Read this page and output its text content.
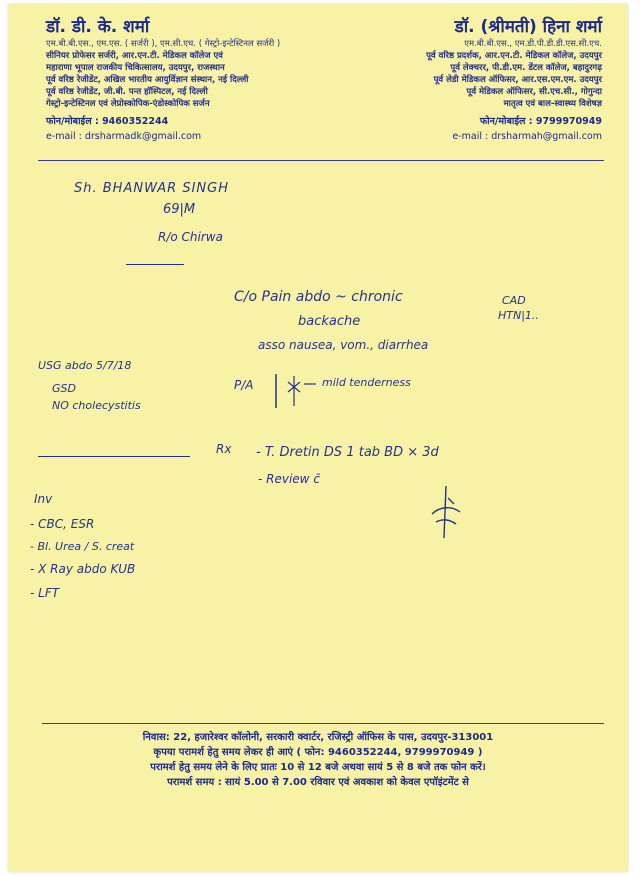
डॉ. डी. के. शर्मा
एम.बी.बी.एस., एम.एस. ( सर्जरी ), एम.सी.एच. ( गेस्ट्रो-इन्टेस्टिनल सर्जरी )
सीनियर प्रोफेसर सर्जरी, आर.एन.टी. मेडिकल कॉलेज एवं
महाराणा भूपाल राजकीय चिकित्सालय, उदयपुर, राजस्थान
पूर्व वरिष्ठ रेजीडेंट, अखिल भारतीय आयुर्विज्ञान संस्थान, नई दिल्ली
पूर्व वरिष्ठ रेजीडेंट, जी.बी. पन्त हॉस्पिटल, नई दिल्ली
गेस्ट्रो-इन्टेस्टिनल एवं लेप्रोस्कोपिक-एंडोस्कोपिक सर्जन
फोन/मोबाईल : 9460352244
e-mail : drsharmadk@gmail.com
डॉ. (श्रीमती) हिना शर्मा
एम.बी.बी.एस., एम.डी.पी.डी.डी.एस.सी.एच.
पूर्व वरिष्ठ प्रदर्शक, आर.एन.टी. मेडिकल कॉलेज, उदयपुर
पूर्व लेक्चरर, पी.डी.एम. डेंटल कॉलेज, बहादुरगढ़
पूर्व लेडी मेडिकल ऑफिसर, आर.एस.एम.एम. उदयपुर
पूर्व मेडिकल ऑफिसर, सी.एच.सी., गोगुन्दा
मातृत्व एवं बाल-स्वास्थ्य विशेषज्ञ
फोन/मोबाईल : 9799970949
e-mail : drsharmah@gmail.com
Sh. BHANWAR SINGH
69|M
R/o Chirwa
C/o Pain abdo ~ chronic
backache
asso nausea, vom., diarrhea
CAD
HTN|1..
USG abdo 5/7/18
GSD
NO cholecystitis
P/A	mild tenderness
Rx - T. Dretin DS 1 tab BD × 3d
- Review c̄
Inv
- CBC, ESR
- Bl. Urea / S. creat
- X Ray abdo KUB
- LFT
निवास: 22, हजारेश्वर कॉलोनी, सरकारी क्वार्टर, रजिस्ट्री ऑफिस के पास, उदयपुर-313001
कृपया परामर्श हेतु समय लेकर ही आएं ( फोन: 9460352244, 9799970949 )
परामर्श हेतु समय लेने के लिए प्रातः 10 से 12 बजे अथवा सायं 5 से 8 बजे तक फोन करें।
परामर्श समय : सायं 5.00 से 7.00 रविवार एवं अवकाश को केवल एपॉइंटमेंट से
